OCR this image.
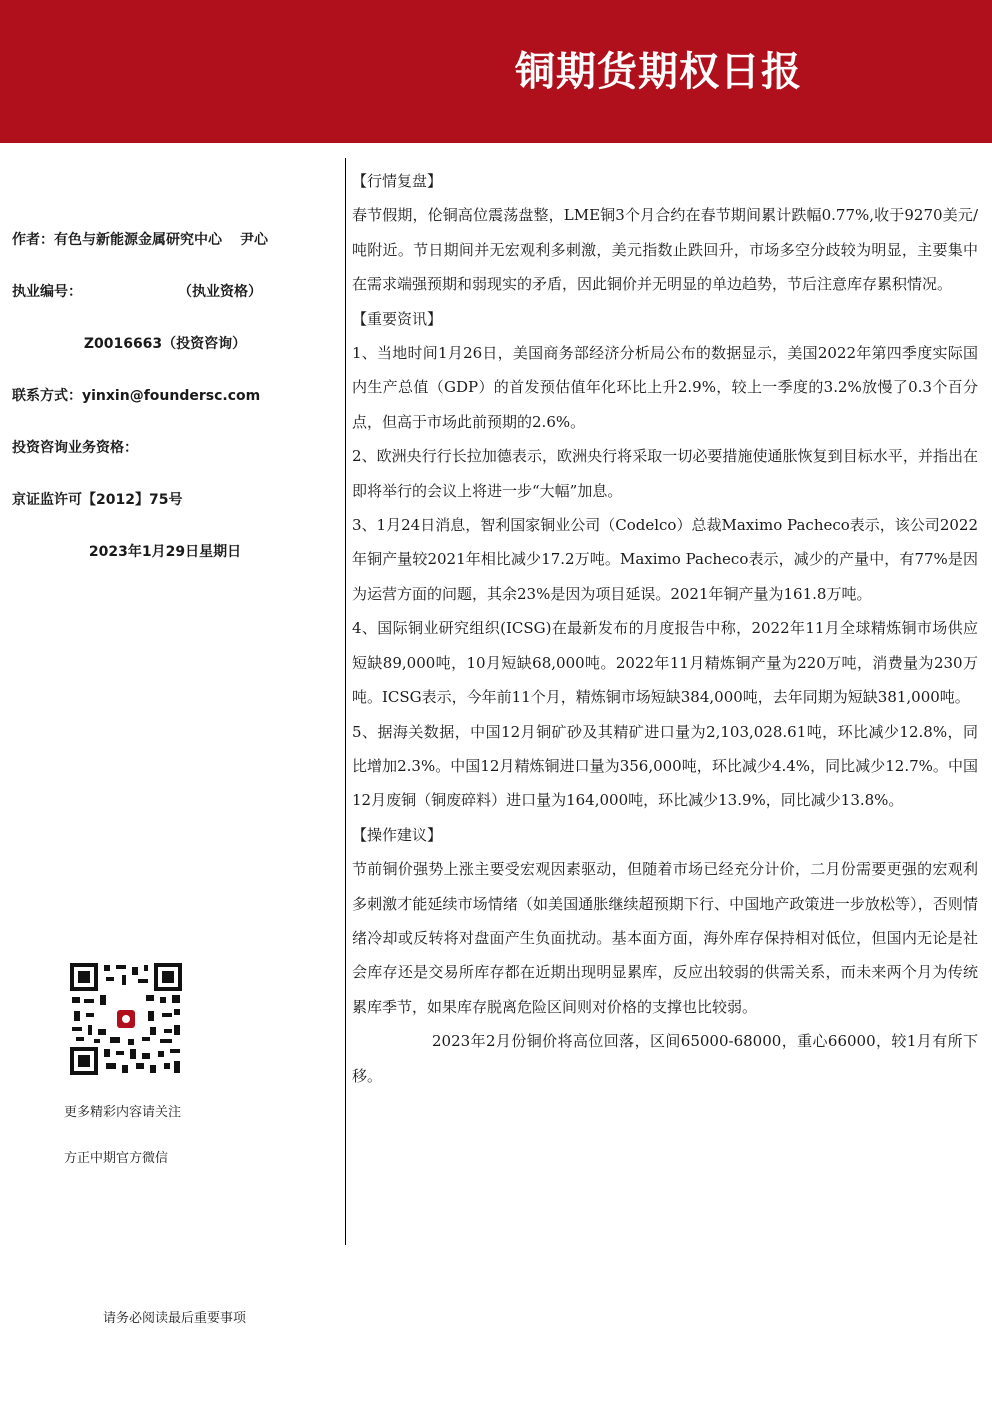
铜期货期权日报
作者：有色与新能源金属研究中心 尹心
执业编号：	（执业资格）
Z0016663（投资咨询）
联系方式：yinxin@foundersc.com
投资咨询业务资格：
京证监许可【2012】75号
2023年1月29日星期日
更多精彩内容请关注
方正中期官方微信
请务必阅读最后重要事项

【行情复盘】

春节假期，伦铜高位震荡盘整，LME铜3个月合约在春节期间累计跌幅0.77%,收于9270美元/吨附近。节日期间并无宏观利多刺激，美元指数止跌回升，市场多空分歧较为明显，主要集中在需求端强预期和弱现实的矛盾，因此铜价并无明显的单边趋势，节后注意库存累积情况。

【重要资讯】

1、当地时间1月26日，美国商务部经济分析局公布的数据显示，美国2022年第四季度实际国内生产总值（GDP）的首发预估值年化环比上升2.9%，较上一季度的3.2%放慢了0.3个百分点，但高于市场此前预期的2.6%。

2、欧洲央行行长拉加德表示，欧洲央行将采取一切必要措施使通胀恢复到目标水平，并指出在即将举行的会议上将进一步“大幅”加息。

3、1月24日消息，智利国家铜业公司（Codelco）总裁Maximo Pacheco表示，该公司2022年铜产量较2021年相比减少17.2万吨。Maximo Pacheco表示，减少的产量中，有77%是因为运营方面的问题，其余23%是因为项目延误。2021年铜产量为161.8万吨。

4、国际铜业研究组织(ICSG)在最新发布的月度报告中称，2022年11月全球精炼铜市场供应短缺89,000吨，10月短缺68,000吨。2022年11月精炼铜产量为220万吨，消费量为230万吨。ICSG表示，今年前11个月，精炼铜市场短缺384,000吨，去年同期为短缺381,000吨。

5、据海关数据，中国12月铜矿砂及其精矿进口量为2,103,028.61吨，环比减少12.8%，同比增加2.3%。中国12月精炼铜进口量为356,000吨，环比减少4.4%，同比减少12.7%。中国12月废铜（铜废碎料）进口量为164,000吨，环比减少13.9%，同比减少13.8%。

【操作建议】

节前铜价强势上涨主要受宏观因素驱动，但随着市场已经充分计价，二月份需要更强的宏观利多刺激才能延续市场情绪（如美国通胀继续超预期下行、中国地产政策进一步放松等），否则情绪冷却或反转将对盘面产生负面扰动。基本面方面，海外库存保持相对低位，但国内无论是社会库存还是交易所库存都在近期出现明显累库，反应出较弱的供需关系，而未来两个月为传统累库季节，如果库存脱离危险区间则对价格的支撑也比较弱。

2023年2月份铜价将高位回落，区间65000-68000，重心66000，较1月有所下移。
